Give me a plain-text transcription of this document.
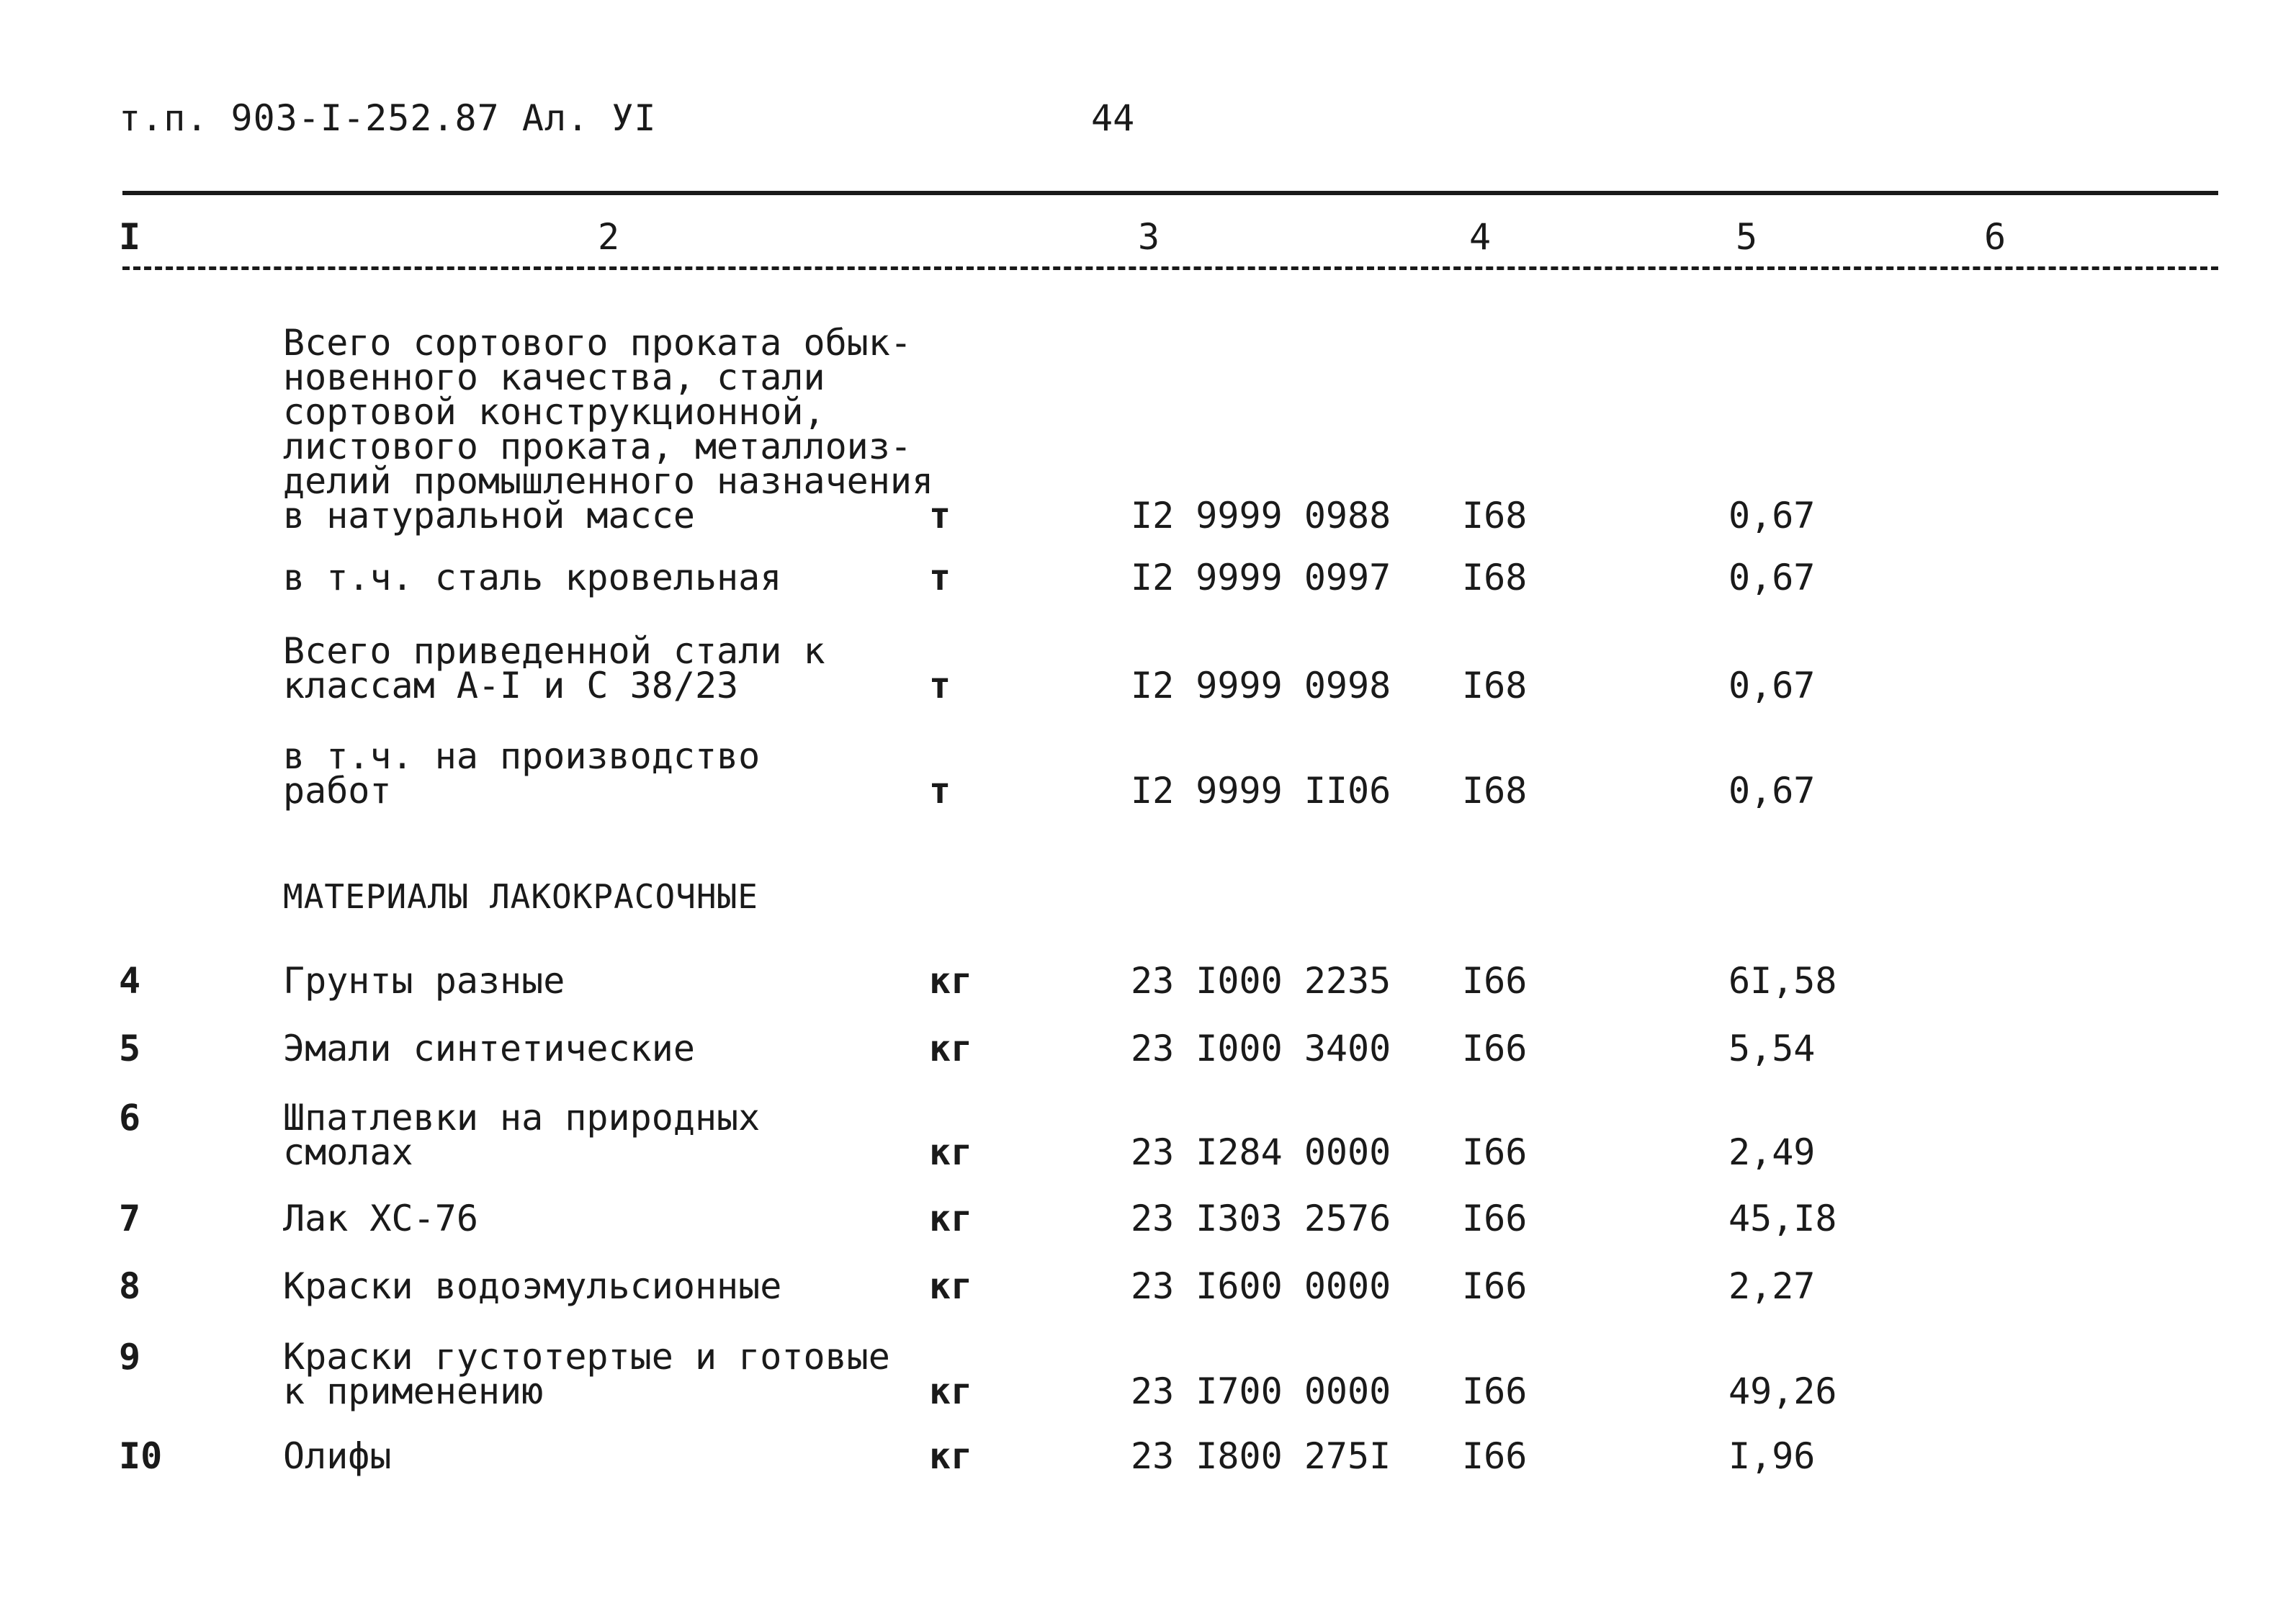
т.п. 903-I-252.87 Ал. УI	44
I	2	3	4	5	6
Всего сортового проката обык-
новенного качества, стали
сортовой конструкционной,
листового проката, металлоиз-
делий промышленного назначения
в натуральной массе	т	I2 9999 0988 I68	0,67
в т.ч. сталь кровельная	т	I2 9999 0997 I68	0,67
Всего приведенной стали к
классам А-I и С 38/23	т	I2 9999 0998 I68	0,67
в т.ч. на производство
работ	т	I2 9999 II06 I68	0,67
МАТЕРИАЛЫ ЛАКОКРАСОЧНЫЕ
4	Грунты разные	кг	23 I000 2235 I66	6I,58
5	Эмали синтетические	кг	23 I000 3400 I66	5,54
6	Шпатлевки на природных
смолах	кг	23 I284 0000 I66	2,49
7	Лак ХС-76	кг	23 I303 2576 I66	45,I8
8	Краски водоэмульсионные	кг	23 I600 0000 I66	2,27
9	Краски густотертые и готовые
к применению	кг	23 I700 0000 I66	49,26
I0	Олифы	кг	23 I800 275I I66	I,96
